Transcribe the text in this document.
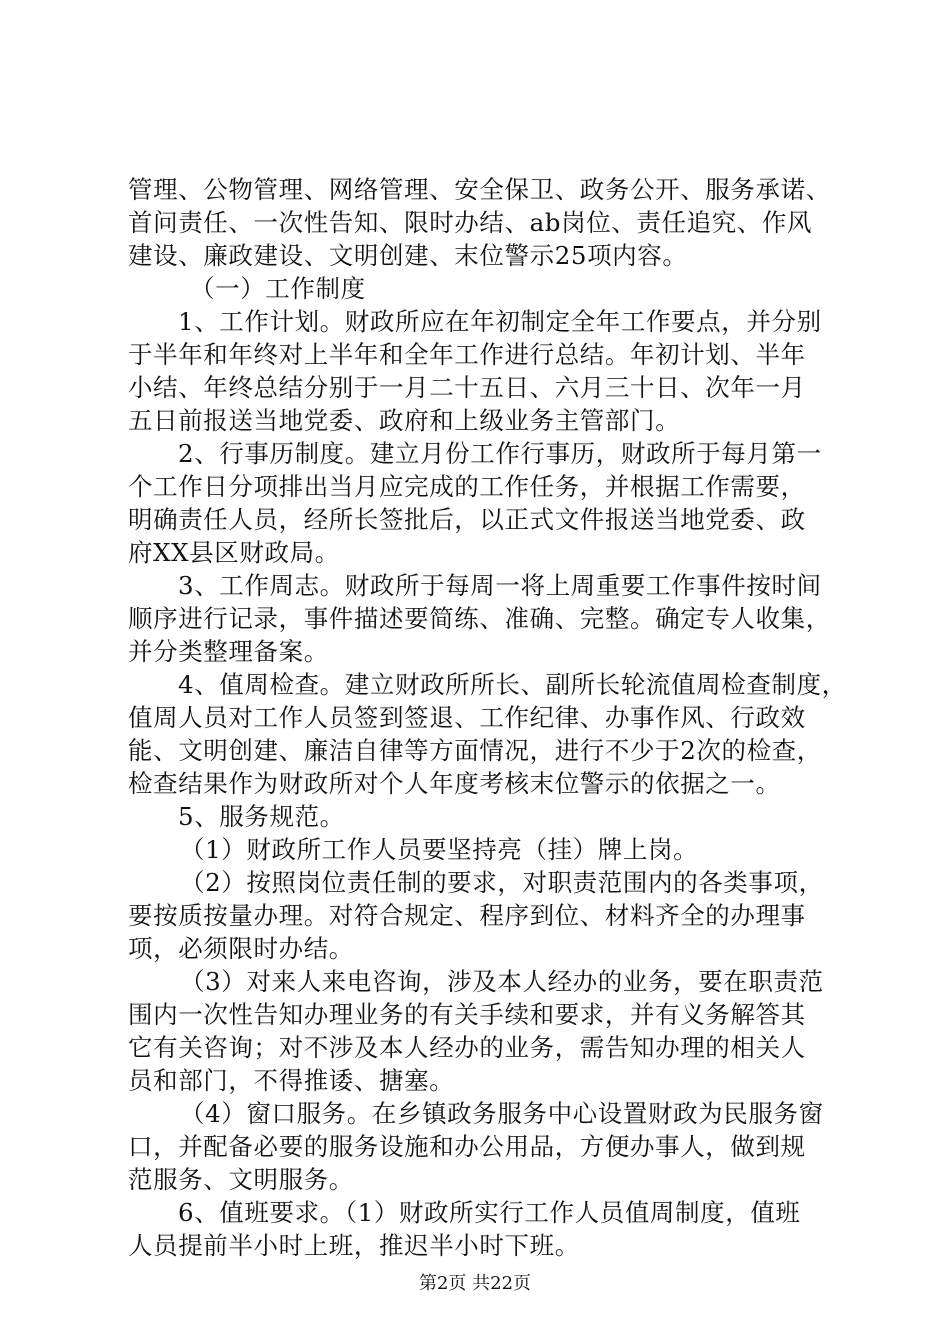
管理、公物管理、网络管理、安全保卫、政务公开、服务承诺、
首问责任、一次性告知、限时办结、ab岗位、责任追究、作风
建设、廉政建设、文明创建、末位警示25项内容。
（一）工作制度
1、工作计划。财政所应在年初制定全年工作要点，并分别
于半年和年终对上半年和全年工作进行总结。年初计划、半年
小结、年终总结分别于一月二十五日、六月三十日、次年一月
五日前报送当地党委、政府和上级业务主管部门。
2、行事历制度。建立月份工作行事历，财政所于每月第一
个工作日分项排出当月应完成的工作任务，并根据工作需要，
明确责任人员，经所长签批后，以正式文件报送当地党委、政
府XX县区财政局。
3、工作周志。财政所于每周一将上周重要工作事件按时间
顺序进行记录，事件描述要简练、准确、完整。确定专人收集，
并分类整理备案。
4、值周检查。建立财政所所长、副所长轮流值周检查制度，
值周人员对工作人员签到签退、工作纪律、办事作风、行政效
能、文明创建、廉洁自律等方面情况，进行不少于2次的检查，
检查结果作为财政所对个人年度考核末位警示的依据之一。
5、服务规范。
（1）财政所工作人员要坚持亮（挂）牌上岗。
（2）按照岗位责任制的要求，对职责范围内的各类事项，
要按质按量办理。对符合规定、程序到位、材料齐全的办理事
项，必须限时办结。
（3）对来人来电咨询，涉及本人经办的业务，要在职责范
围内一次性告知办理业务的有关手续和要求，并有义务解答其
它有关咨询；对不涉及本人经办的业务，需告知办理的相关人
员和部门，不得推诿、搪塞。
（4）窗口服务。在乡镇政务服务中心设置财政为民服务窗
口，并配备必要的服务设施和办公用品，方便办事人，做到规
范服务、文明服务。
6、值班要求。（1）财政所实行工作人员值周制度，值班
人员提前半小时上班，推迟半小时下班。
第2页 共22页
